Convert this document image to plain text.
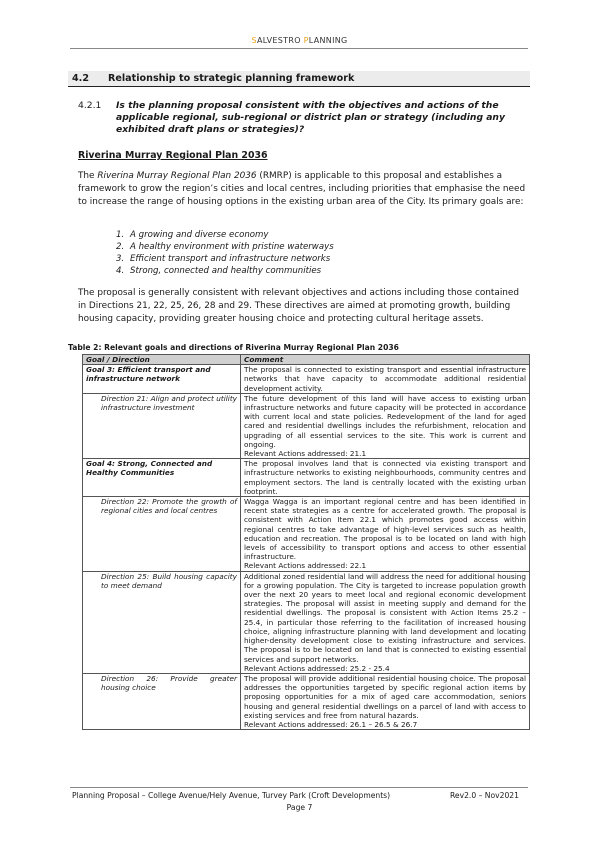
SALVESTRO PLANNING
4.2 Relationship to strategic planning framework
4.2.1 Is the planning proposal consistent with the objectives and actions of the applicable regional, sub-regional or district plan or strategy (including any exhibited draft plans or strategies)?
Riverina Murray Regional Plan 2036
The Riverina Murray Regional Plan 2036 (RMRP) is applicable to this proposal and establishes a framework to grow the region’s cities and local centres, including priorities that emphasise the need to increase the range of housing options in the existing urban area of the City. Its primary goals are:
1. A growing and diverse economy
2. A healthy environment with pristine waterways
3. Efficient transport and infrastructure networks
4. Strong, connected and healthy communities
The proposal is generally consistent with relevant objectives and actions including those contained in Directions 21, 22, 25, 26, 28 and 29. These directives are aimed at promoting growth, building housing capacity, providing greater housing choice and protecting cultural heritage assets.
Table 2: Relevant goals and directions of Riverina Murray Regional Plan 2036
Goal / Direction	Comment
Goal 3: Efficient transport and infrastructure network	The proposal is connected to existing transport and essential infrastructure networks that have capacity to accommodate additional residential development activity.
Direction 21: Align and protect utility infrastructure investment	The future development of this land will have access to existing urban infrastructure networks and future capacity will be protected in accordance with current local and state policies. Redevelopment of the land for aged cared and residential dwellings includes the refurbishment, relocation and upgrading of all essential services to the site. This work is current and ongoing.
Relevant Actions addressed: 21.1

Goal 4: Strong, Connected and Healthy Communities	The proposal involves land that is connected via existing transport and infrastructure networks to existing neighbourhoods, community centres and employment sectors. The land is centrally located with the existing urban footprint.
Direction 22: Promote the growth of regional cities and local centres	Wagga Wagga is an important regional centre and has been identified in recent state strategies as a centre for accelerated growth. The proposal is consistent with Action Item 22.1 which promotes good access within regional centres to take advantage of high-level services such as health, education and recreation. The proposal is to be located on land with high levels of accessibility to transport options and access to other essential infrastructure.
Relevant Actions addressed: 22.1

Direction 25: Build housing capacity to meet demand	Additional zoned residential land will address the need for additional housing for a growing population. The City is targeted to increase population growth over the next 20 years to meet local and regional economic development strategies. The proposal will assist in meeting supply and demand for the residential dwellings. The proposal is consistent with Action Items 25.2 – 25.4, in particular those referring to the facilitation of increased housing choice, aligning infrastructure planning with land development and locating higher-density development close to existing infrastructure and services. The proposal is to be located on land that is connected to existing essential services and support networks.
Relevant Actions addressed: 25.2 - 25.4

Direction 26: Provide greater housing choice	The proposal will provide additional residential housing choice. The proposal addresses the opportunities targeted by specific regional action items by proposing opportunities for a mix of aged care accommodation, seniors housing and general residential dwellings on a parcel of land with access to existing services and free from natural hazards.
Relevant Actions addressed: 26.1 – 26.5 & 26.7
Planning Proposal – College Avenue/Hely Avenue, Turvey Park (Croft Developments)	Rev2.0 – Nov2021
Page 7
